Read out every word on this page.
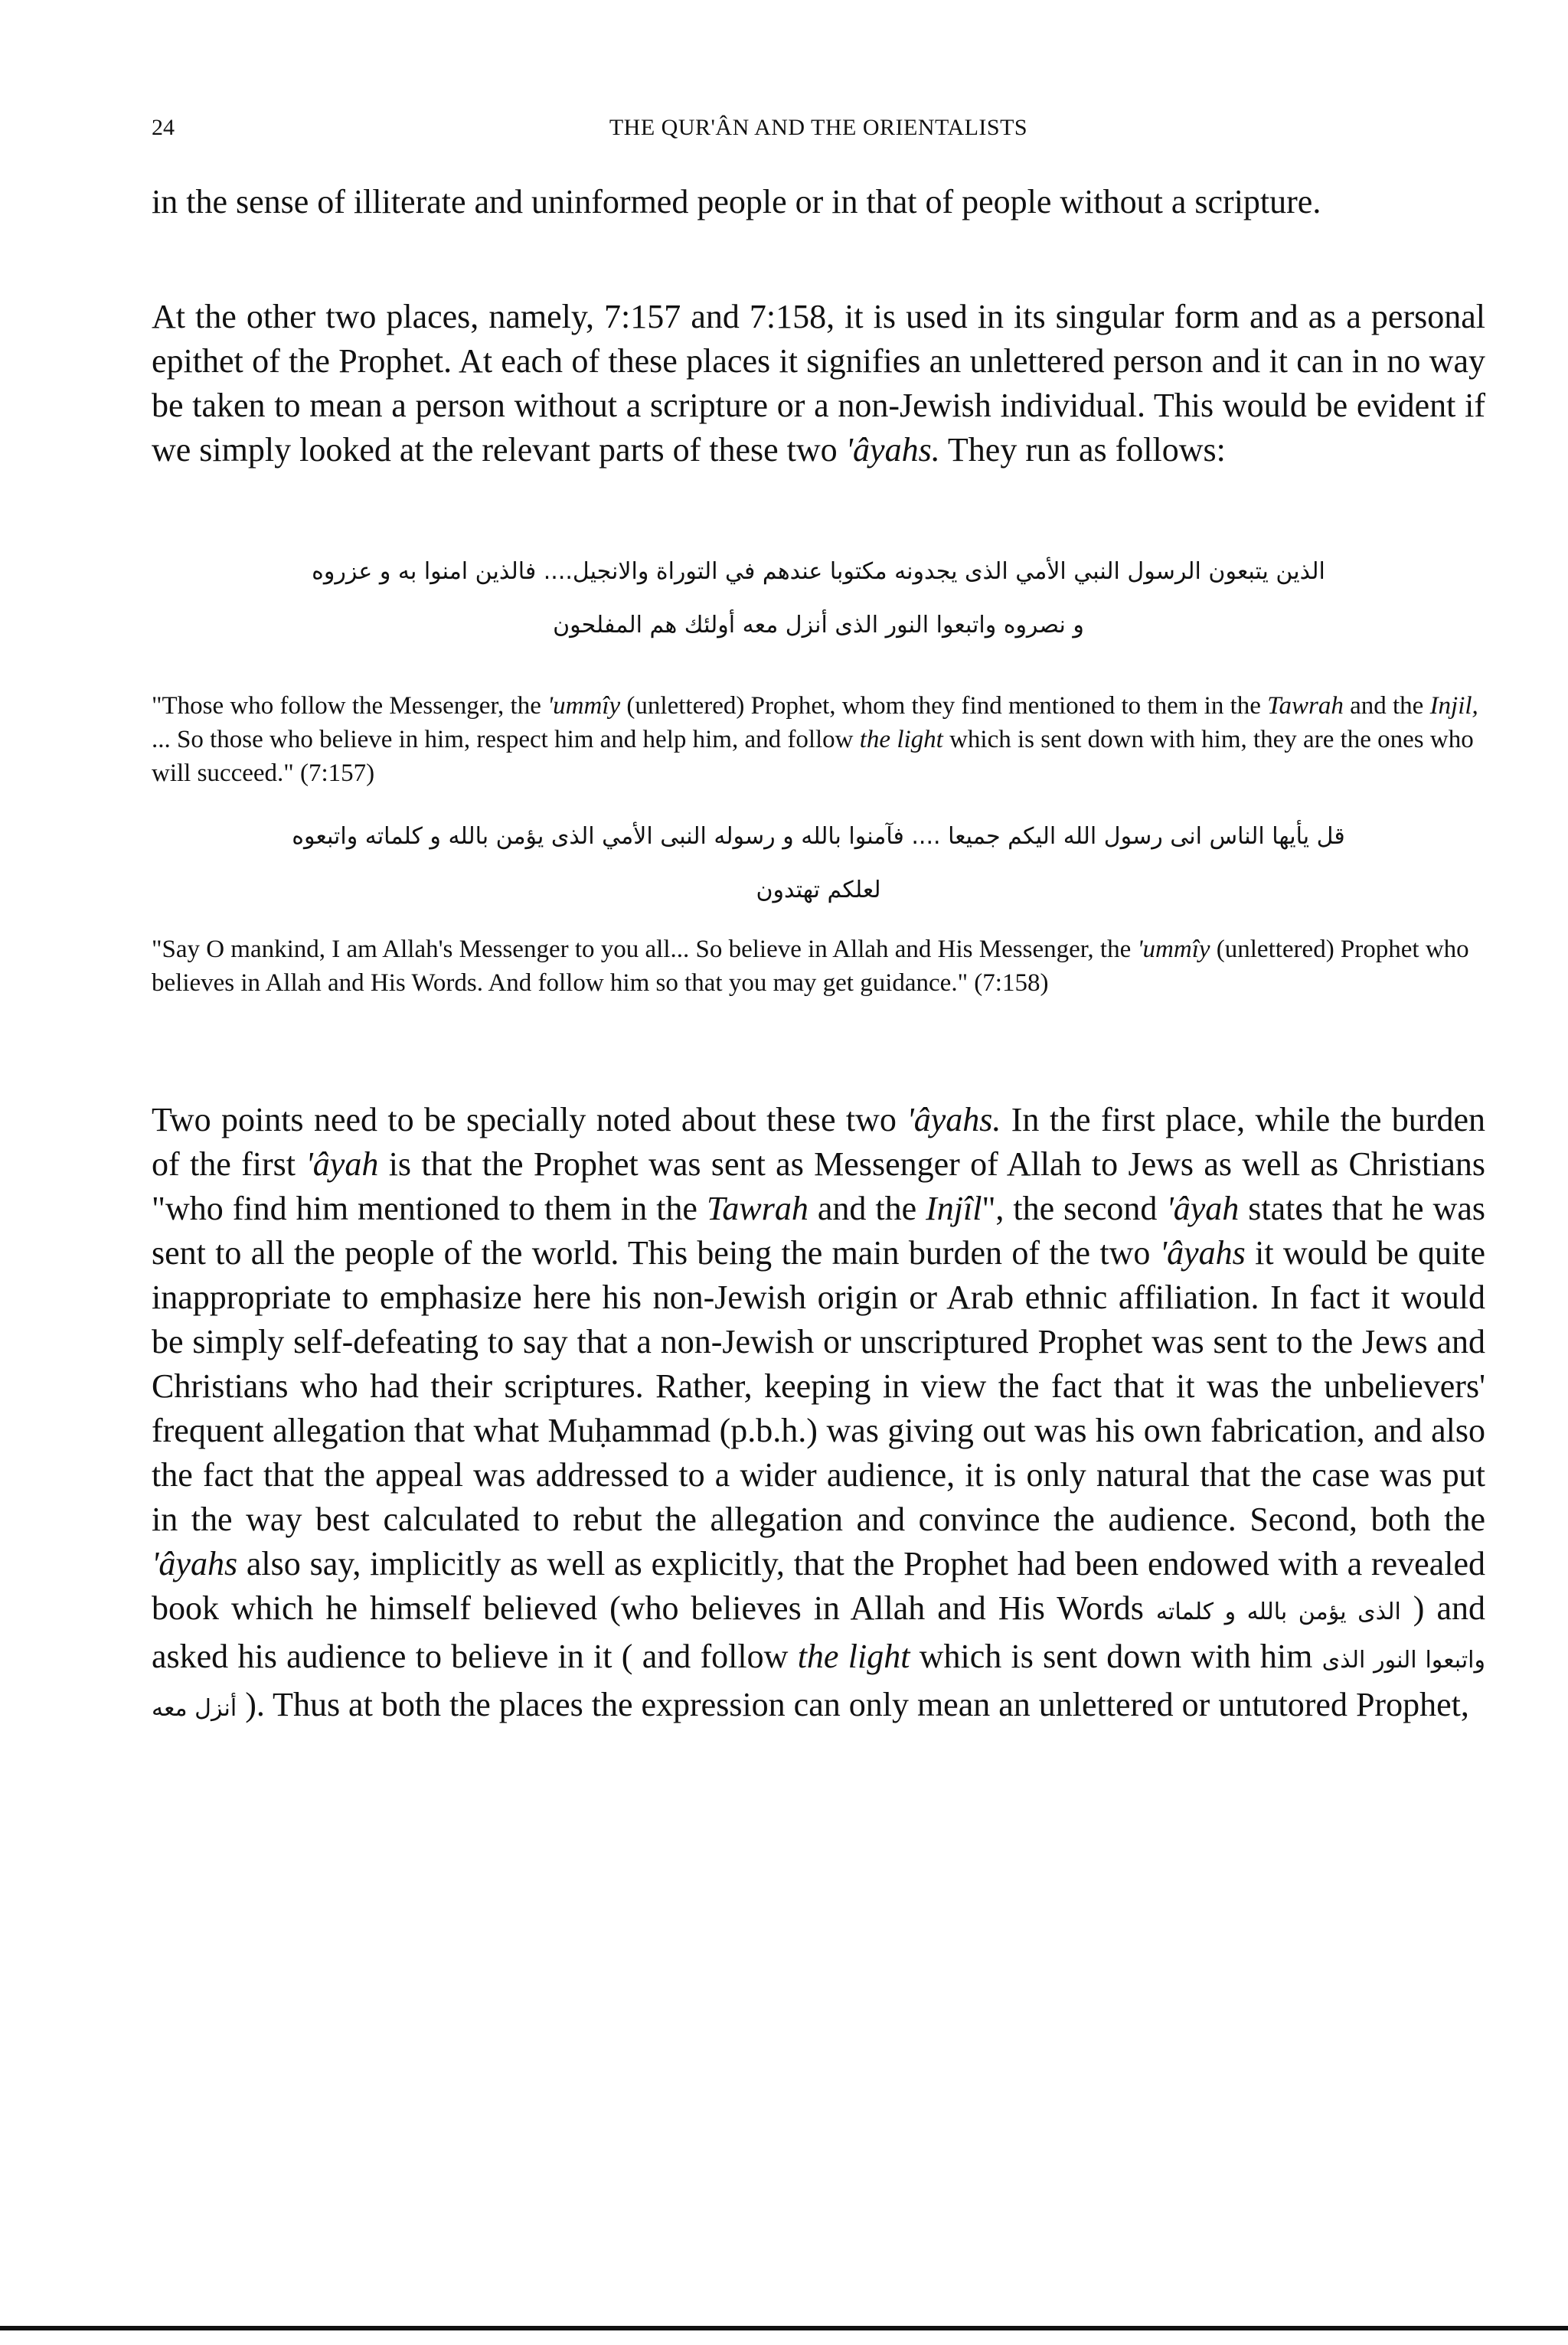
24	THE QUR'ÂN AND THE ORIENTALISTS
in the sense of illiterate and uninformed people or in that of people without a scripture.
At the other two places, namely, 7:157 and 7:158, it is used in its singular form and as a personal epithet of the Prophet. At each of these places it signifies an unlettered person and it can in no way be taken to mean a person without a scripture or a non-Jewish individual. This would be evident if we simply looked at the relevant parts of these two 'âyahs. They run as follows:
الذين يتبعون الرسول النبي الأمي الذى يجدونه مكتوبا عندهم في التوراة والانجيل.... فالذين امنوا به و عزروه
و نصروه واتبعوا النور الذى أنزل معه أولئك هم المفلحون
"Those who follow the Messenger, the 'ummîy (unlettered) Prophet, whom they find mentioned to them in the Tawrah and the Injil, ... So those who believe in him, respect him and help him, and follow the light which is sent down with him, they are the ones who will succeed." (7:157)
قل يأيها الناس انى رسول الله اليكم جميعا .... فآمنوا بالله و رسوله النبى الأمي الذى يؤمن بالله و كلماته واتبعوه
لعلكم تهتدون
"Say O mankind, I am Allah's Messenger to you all... So believe in Allah and His Messenger, the 'ummîy (unlettered) Prophet who believes in Allah and His Words. And follow him so that you may get guidance." (7:158)
Two points need to be specially noted about these two 'âyahs. In the first place, while the burden of the first 'âyah is that the Prophet was sent as Messenger of Allah to Jews as well as Christians "who find him mentioned to them in the Tawrah and the Injîl", the second 'âyah states that he was sent to all the people of the world. This being the main burden of the two 'âyahs it would be quite inappropriate to emphasize here his non-Jewish origin or Arab ethnic affiliation. In fact it would be simply self-defeating to say that a non-Jewish or unscriptured Prophet was sent to the Jews and Christians who had their scriptures. Rather, keeping in view the fact that it was the unbelievers' frequent allegation that what Muḥammad (p.b.h.) was giving out was his own fabrication, and also the fact that the appeal was addressed to a wider audience, it is only natural that the case was put in the way best calculated to rebut the allegation and convince the audience. Second, both the 'âyahs also say, implicitly as well as explicitly, that the Prophet had been endowed with a revealed book which he himself believed (who believes in Allah and His Words الذى يؤمن بالله و كلماته ) and asked his audience to believe in it ( and follow the light which is sent down with him واتبعوا النور الذى أنزل معه ). Thus at both the places the expression can only mean an unlettered or untutored Prophet,
